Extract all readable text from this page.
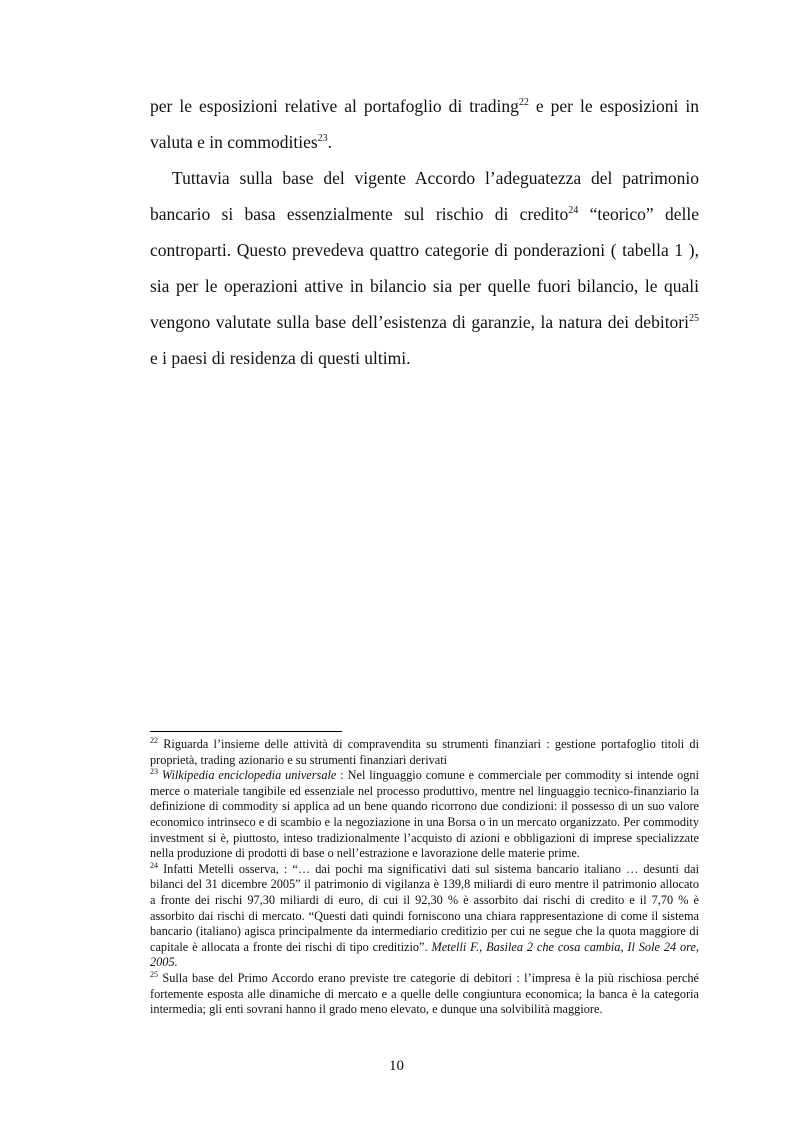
per le esposizioni relative al portafoglio di trading$^{22}$ e per le esposizioni in valuta e in commodities$^{23}$.

Tuttavia sulla base del vigente Accordo l’adeguatezza del patrimonio bancario si basa essenzialmente sul rischio di credito$^{24}$ “teorico” delle controparti. Questo prevedeva quattro categorie di ponderazioni ( tabella 1 ), sia per le operazioni attive in bilancio sia per quelle fuori bilancio, le quali vengono valutate sulla base dell’esistenza di garanzie, la natura dei debitori$^{25}$ e i paesi di residenza di questi ultimi.

$^{22}$ Riguarda l’insieme delle attività di compravendita su strumenti finanziari : gestione portafoglio titoli di proprietà, trading azionario e su strumenti finanziari derivati

$^{23}$ Wilkipedia enciclopedia universale : Nel linguaggio comune e commerciale per commodity si intende ogni merce o materiale tangibile ed essenziale nel processo produttivo, mentre nel linguaggio tecnico-finanziario la definizione di commodity si applica ad un bene quando ricorrono due condizioni: il possesso di un suo valore economico intrinseco e di scambio e la negoziazione in una Borsa o in un mercato organizzato. Per commodity investment si è, piuttosto, inteso tradizionalmente l’acquisto di azioni e obbligazioni di imprese specializzate nella produzione di prodotti di base o nell’estrazione e lavorazione delle materie prime.

$^{24}$ Infatti Metelli osserva, : “… dai pochi ma significativi dati sul sistema bancario italiano … desunti dai bilanci del 31 dicembre 2005” il patrimonio di vigilanza è 139,8 miliardi di euro mentre il patrimonio allocato a fronte dei rischi 97,30 miliardi di euro, di cui il 92,30 % è assorbito dai rischi di credito e il 7,70 % è assorbito dai rischi di mercato. “Questi dati quindi forniscono una chiara rappresentazione di come il sistema bancario (italiano) agisca principalmente da intermediario creditizio per cui ne segue che la quota maggiore di capitale è allocata a fronte dei rischi di tipo creditizio”. Metelli F., Basilea 2 che cosa cambia, Il Sole 24 ore, 2005.

$^{25}$ Sulla base del Primo Accordo erano previste tre categorie di debitori : l’impresa è la più rischiosa perché fortemente esposta alle dinamiche di mercato e a quelle delle congiuntura economica; la banca è la categoria intermedia; gli enti sovrani hanno il grado meno elevato, e dunque una solvibilità maggiore.

10
